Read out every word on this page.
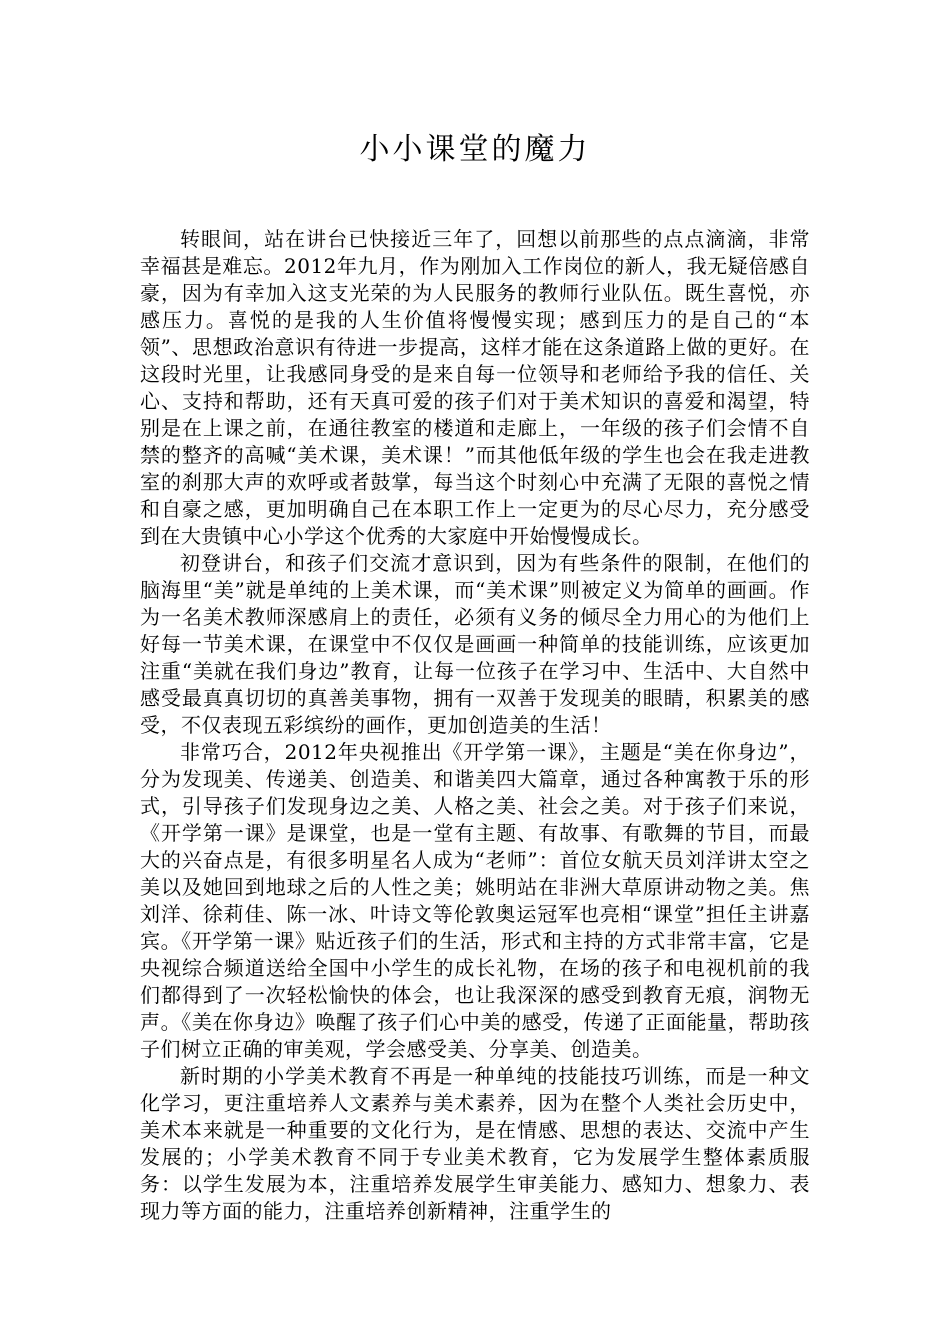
小小课堂的魔力

转眼间，站在讲台已快接近三年了，回想以前那些的点点滴滴，非常幸福甚是难忘。2012年九月，作为刚加入工作岗位的新人，我无疑倍感自豪，因为有幸加入这支光荣的为人民服务的教师行业队伍。既生喜悦，亦感压力。喜悦的是我的人生价值将慢慢实现；感到压力的是自己的“本领”、思想政治意识有待进一步提高，这样才能在这条道路上做的更好。在这段时光里，让我感同身受的是来自每一位领导和老师给予我的信任、关心、支持和帮助，还有天真可爱的孩子们对于美术知识的喜爱和渴望，特别是在上课之前，在通往教室的楼道和走廊上，一年级的孩子们会情不自禁的整齐的高喊“美术课，美术课！”而其他低年级的学生也会在我走进教室的刹那大声的欢呼或者鼓掌，每当这个时刻心中充满了无限的喜悦之情和自豪之感，更加明确自己在本职工作上一定更为的尽心尽力，充分感受到在大贵镇中心小学这个优秀的大家庭中开始慢慢成长。

初登讲台，和孩子们交流才意识到，因为有些条件的限制，在他们的脑海里“美”就是单纯的上美术课，而“美术课”则被定义为简单的画画。作为一名美术教师深感肩上的责任，必须有义务的倾尽全力用心的为他们上好每一节美术课，在课堂中不仅仅是画画一种简单的技能训练，应该更加注重“美就在我们身边”教育，让每一位孩子在学习中、生活中、大自然中感受最真真切切的真善美事物，拥有一双善于发现美的眼睛，积累美的感受，不仅表现五彩缤纷的画作，更加创造美的生活！

非常巧合，2012年央视推出《开学第一课》，主题是“美在你身边”，分为发现美、传递美、创造美、和谐美四大篇章，通过各种寓教于乐的形式，引导孩子们发现身边之美、人格之美、社会之美。对于孩子们来说，《开学第一课》是课堂，也是一堂有主题、有故事、有歌舞的节目，而最大的兴奋点是，有很多明星名人成为“老师”：首位女航天员刘洋讲太空之美以及她回到地球之后的人性之美；姚明站在非洲大草原讲动物之美。焦刘洋、徐莉佳、陈一冰、叶诗文等伦敦奥运冠军也亮相“课堂”担任主讲嘉宾。《开学第一课》贴近孩子们的生活，形式和主持的方式非常丰富，它是央视综合频道送给全国中小学生的成长礼物，在场的孩子和电视机前的我们都得到了一次轻松愉快的体会，也让我深深的感受到教育无痕，润物无声。《美在你身边》唤醒了孩子们心中美的感受，传递了正面能量，帮助孩子们树立正确的审美观，学会感受美、分享美、创造美。

新时期的小学美术教育不再是一种单纯的技能技巧训练，而是一种文化学习，更注重培养人文素养与美术素养，因为在整个人类社会历史中，美术本来就是一种重要的文化行为，是在情感、思想的表达、交流中产生发展的；小学美术教育不同于专业美术教育，它为发展学生整体素质服务：以学生发展为本，注重培养发展学生审美能力、感知力、想象力、表现力等方面的能力，注重培养创新精神，注重学生的
